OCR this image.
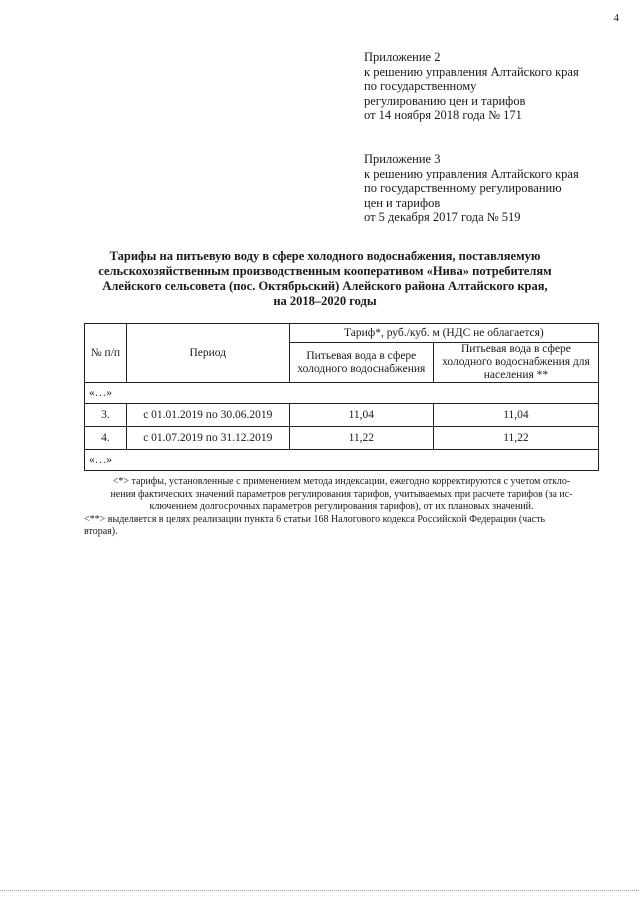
4
Приложение 2
к решению управления Алтайского края
по государственному
регулированию цен и тарифов
от 14 ноября 2018 года № 171
Приложение 3
к решению управления Алтайского края
по государственному регулированию
цен и тарифов
от 5 декабря 2017 года № 519
Тарифы на питьевую воду в сфере холодного водоснабжения, поставляемую
сельскохозяйственным производственным кооперативом «Нива» потребителям
Алейского сельсовета (пос. Октябрьский) Алейского района Алтайского края,
на 2018–2020 годы
№ п/п	Период	Тариф*, руб./куб. м (НДС не облагается)	
		Питьевая вода в сфере холодного водоснабжения	Питьевая вода в сфере холодного водоснабжения для населения **
«…»			
3.	с 01.01.2019 по 30.06.2019	11,04	11,04
4.	с 01.07.2019 по 31.12.2019	11,22	11,22
«…»			
<*> тарифы, установленные с применением метода индексации, ежегодно корректируются с учетом откло-
нения фактических значений параметров регулирования тарифов, учитываемых при расчете тарифов (за ис-
ключением долгосрочных параметров регулирования тарифов), от их плановых значений.
<**> выделяется в целях реализации пункта 6 статьи 168 Налогового кодекса Российской Федерации (часть
вторая).
